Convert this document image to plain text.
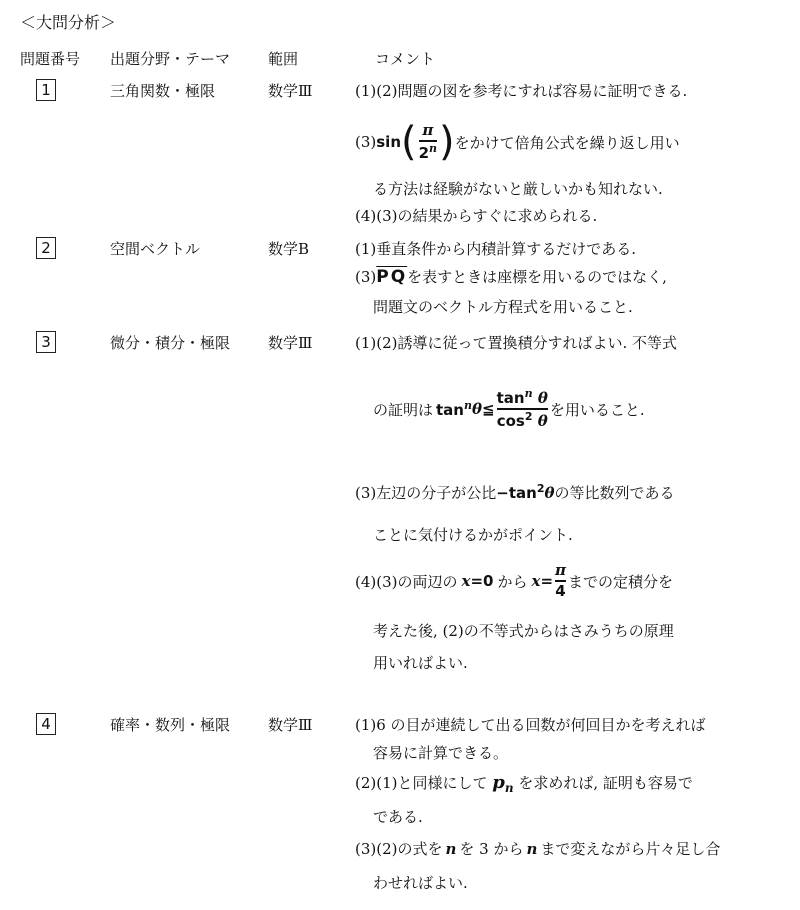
＜大問分析＞
問題番号 出題分野・テーマ	範囲	コメント
1	三角関数・極限	数学Ⅲ	(1)(2)問題の図を参考にすれば容易に証明できる.
(3) sin ( $\frac{\pi}{2^n}$ ) をかけて倍角公式を繰り返し用い
る方法は経験がないと厳しいかも知れない.
(4)(3)の結果からすぐに求められる.
2	空間ベクトル	数学B	(1)垂直条件から内積計算するだけである.
$(3)\overline{PQ}$を表すときは座標を用いるのではなく,
問題文のベクトル方程式を用いること.
3	微分・積分・極限	数学Ⅲ	(1)(2)誘導に従って置換積分すればよい. 不等式
の証明は $\tan^n \theta$ ≦ $\frac{\tan^n \theta}{\cos^2 \theta}$ を用いること.
(3)左辺の分子が公比$-\tan^2\theta$の等比数列である
ことに気付けるかがポイント.
(4)(3)の両辺の x = 0 から $x = \frac{\pi}{4}$ までの定積分を
考えた後, (2)の不等式からはさみうちの原理
用いればよい.
4	確率・数列・極限	数学Ⅲ	(1)6 の目が連続して出る回数が何回目かを考えれば
容易に計算できる。
(2)(1)と同様にして $p_n$ を求めれば, 証明も容易で
である.
(3)(2)の式を n を 3 から n まで変えながら片々足し合
わせればよい.
